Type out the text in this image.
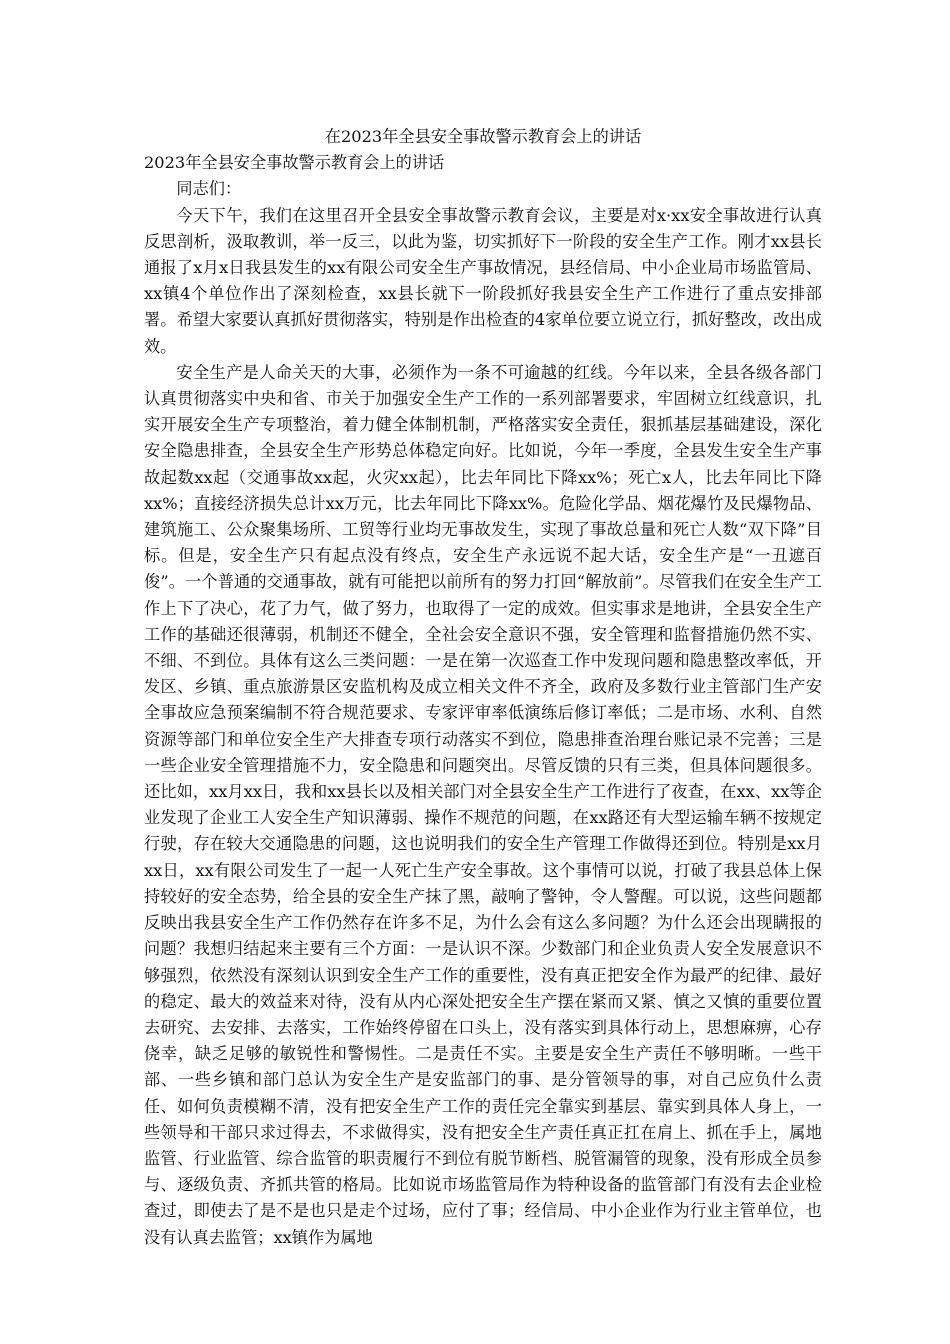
在2023年全县安全事故警示教育会上的讲话
2023年全县安全事故警示教育会上的讲话

同志们：

今天下午，我们在这里召开全县安全事故警示教育会议，主要是对x·xx安全事故进行认真反思剖析，汲取教训，举一反三，以此为鉴，切实抓好下一阶段的安全生产工作。刚才xx县长通报了x月x日我县发生的xx有限公司安全生产事故情况，县经信局、中小企业局市场监管局、xx镇4个单位作出了深刻检查，xx县长就下一阶段抓好我县安全生产工作进行了重点安排部署。希望大家要认真抓好贯彻落实，特别是作出检查的4家单位要立说立行，抓好整改，改出成效。

安全生产是人命关天的大事，必须作为一条不可逾越的红线。今年以来，全县各级各部门认真贯彻落实中央和省、市关于加强安全生产工作的一系列部署要求，牢固树立红线意识，扎实开展安全生产专项整治，着力健全体制机制，严格落实安全责任，狠抓基层基础建设，深化安全隐患排查，全县安全生产形势总体稳定向好。比如说，今年一季度，全县发生安全生产事故起数xx起（交通事故xx起，火灾xx起），比去年同比下降xx%；死亡x人，比去年同比下降xx%；直接经济损失总计xx万元，比去年同比下降xx%。危险化学品、烟花爆竹及民爆物品、建筑施工、公众聚集场所、工贸等行业均无事故发生，实现了事故总量和死亡人数“双下降”目标。但是，安全生产只有起点没有终点，安全生产永远说不起大话，安全生产是“一丑遮百俊”。一个普通的交通事故，就有可能把以前所有的努力打回“解放前”。尽管我们在安全生产工作上下了决心，花了力气，做了努力，也取得了一定的成效。但实事求是地讲，全县安全生产工作的基础还很薄弱，机制还不健全，全社会安全意识不强，安全管理和监督措施仍然不实、不细、不到位。具体有这么三类问题：一是在第一次巡查工作中发现问题和隐患整改率低，开发区、乡镇、重点旅游景区安监机构及成立相关文件不齐全，政府及多数行业主管部门生产安全事故应急预案编制不符合规范要求、专家评审率低演练后修订率低；二是市场、水利、自然资源等部门和单位安全生产大排查专项行动落实不到位，隐患排查治理台账记录不完善；三是一些企业安全管理措施不力，安全隐患和问题突出。尽管反馈的只有三类，但具体问题很多。还比如，xx月xx日，我和xx县长以及相关部门对全县安全生产工作进行了夜查，在xx、xx等企业发现了企业工人安全生产知识薄弱、操作不规范的问题，在xx路还有大型运输车辆不按规定行驶，存在较大交通隐患的问题，这也说明我们的安全生产管理工作做得还到位。特别是xx月xx日，xx有限公司发生了一起一人死亡生产安全事故。这个事情可以说，打破了我县总体上保持较好的安全态势，给全县的安全生产抹了黑，敲响了警钟，令人警醒。可以说，这些问题都反映出我县安全生产工作仍然存在许多不足，为什么会有这么多问题？为什么还会出现瞒报的问题？我想归结起来主要有三个方面：一是认识不深。少数部门和企业负责人安全发展意识不够强烈，依然没有深刻认识到安全生产工作的重要性，没有真正把安全作为最严的纪律、最好的稳定、最大的效益来对待，没有从内心深处把安全生产摆在紧而又紧、慎之又慎的重要位置去研究、去安排、去落实，工作始终停留在口头上，没有落实到具体行动上，思想麻痹，心存侥幸，缺乏足够的敏锐性和警惕性。二是责任不实。主要是安全生产责任不够明晰。一些干部、一些乡镇和部门总认为安全生产是安监部门的事、是分管领导的事，对自己应负什么责任、如何负责模糊不清，没有把安全生产工作的责任完全靠实到基层、靠实到具体人身上，一些领导和干部只求过得去，不求做得实，没有把安全生产责任真正扛在肩上、抓在手上，属地监管、行业监管、综合监管的职责履行不到位有脱节断档、脱管漏管的现象，没有形成全员参与、逐级负责、齐抓共管的格局。比如说市场监管局作为特种设备的监管部门有没有去企业检查过，即使去了是不是也只是走个过场，应付了事；经信局、中小企业作为行业主管单位，也没有认真去监管；xx镇作为属地
